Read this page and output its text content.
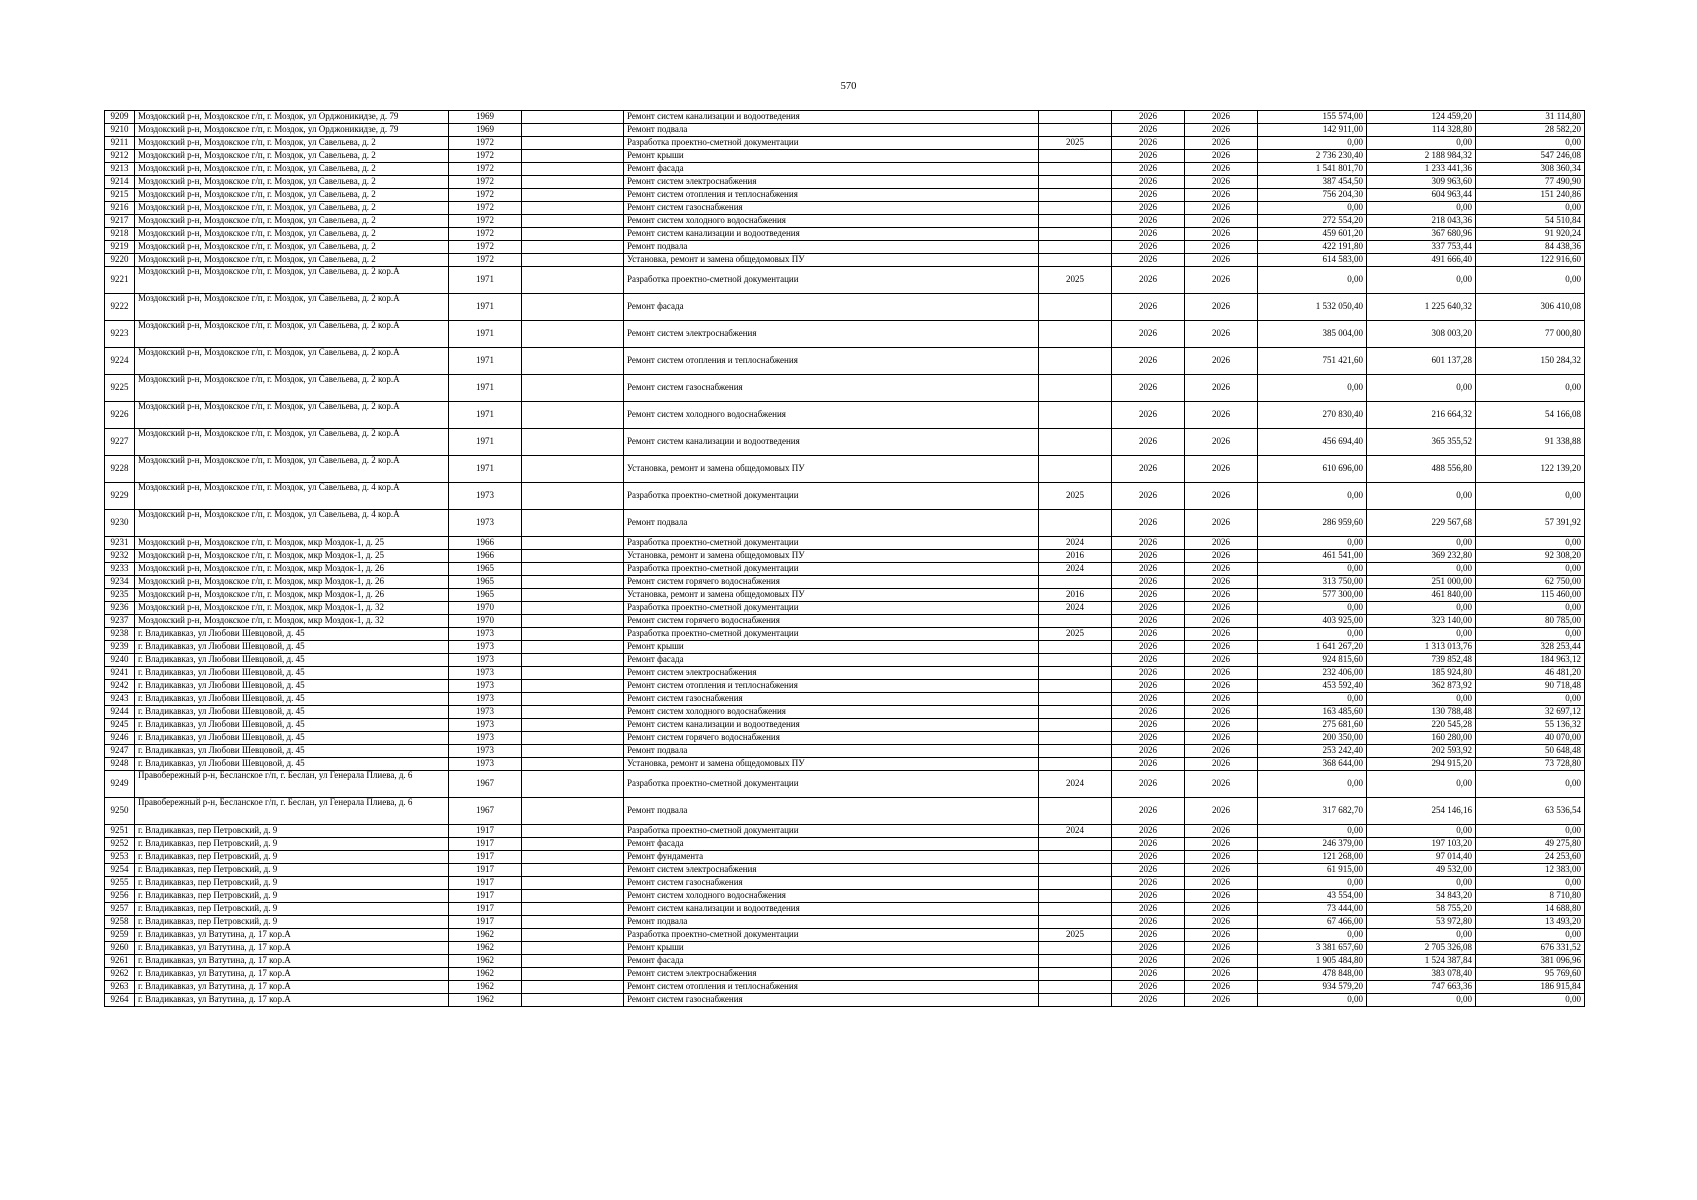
570
9209	Моздокский р-н, Моздокское г/п, г. Моздок, ул Орджоникидзе, д. 79	1969		Ремонт систем канализации и водоотведения		2026	2026	155 574,00	124 459,20	31 114,80
9210	Моздокский р-н, Моздокское г/п, г. Моздок, ул Орджоникидзе, д. 79	1969		Ремонт подвала		2026	2026	142 911,00	114 328,80	28 582,20
9211	Моздокский р-н, Моздокское г/п, г. Моздок, ул Савельева, д. 2	1972		Разработка проектно-сметной документации	2025	2026	2026	0,00	0,00	0,00
9212	Моздокский р-н, Моздокское г/п, г. Моздок, ул Савельева, д. 2	1972		Ремонт крыши		2026	2026	2 736 230,40	2 188 984,32	547 246,08
9213	Моздокский р-н, Моздокское г/п, г. Моздок, ул Савельева, д. 2	1972		Ремонт фасада		2026	2026	1 541 801,70	1 233 441,36	308 360,34
9214	Моздокский р-н, Моздокское г/п, г. Моздок, ул Савельева, д. 2	1972		Ремонт систем электроснабжения		2026	2026	387 454,50	309 963,60	77 490,90
9215	Моздокский р-н, Моздокское г/п, г. Моздок, ул Савельева, д. 2	1972		Ремонт систем отопления и теплоснабжения		2026	2026	756 204,30	604 963,44	151 240,86
9216	Моздокский р-н, Моздокское г/п, г. Моздок, ул Савельева, д. 2	1972		Ремонт систем газоснабжения		2026	2026	0,00	0,00	0,00
9217	Моздокский р-н, Моздокское г/п, г. Моздок, ул Савельева, д. 2	1972		Ремонт систем холодного водоснабжения		2026	2026	272 554,20	218 043,36	54 510,84
9218	Моздокский р-н, Моздокское г/п, г. Моздок, ул Савельева, д. 2	1972		Ремонт систем канализации и водоотведения		2026	2026	459 601,20	367 680,96	91 920,24
9219	Моздокский р-н, Моздокское г/п, г. Моздок, ул Савельева, д. 2	1972		Ремонт подвала		2026	2026	422 191,80	337 753,44	84 438,36
9220	Моздокский р-н, Моздокское г/п, г. Моздок, ул Савельева, д. 2	1972		Установка, ремонт и замена общедомовых ПУ		2026	2026	614 583,00	491 666,40	122 916,60
9221	Моздокский р-н, Моздокское г/п, г. Моздок, ул Савельева, д. 2 кор.А	1971		Разработка проектно-сметной документации	2025	2026	2026	0,00	0,00	0,00
9222	Моздокский р-н, Моздокское г/п, г. Моздок, ул Савельева, д. 2 кор.А	1971		Ремонт фасада		2026	2026	1 532 050,40	1 225 640,32	306 410,08
9223	Моздокский р-н, Моздокское г/п, г. Моздок, ул Савельева, д. 2 кор.А	1971		Ремонт систем электроснабжения		2026	2026	385 004,00	308 003,20	77 000,80
9224	Моздокский р-н, Моздокское г/п, г. Моздок, ул Савельева, д. 2 кор.А	1971		Ремонт систем отопления и теплоснабжения		2026	2026	751 421,60	601 137,28	150 284,32
9225	Моздокский р-н, Моздокское г/п, г. Моздок, ул Савельева, д. 2 кор.А	1971		Ремонт систем газоснабжения		2026	2026	0,00	0,00	0,00
9226	Моздокский р-н, Моздокское г/п, г. Моздок, ул Савельева, д. 2 кор.А	1971		Ремонт систем холодного водоснабжения		2026	2026	270 830,40	216 664,32	54 166,08
9227	Моздокский р-н, Моздокское г/п, г. Моздок, ул Савельева, д. 2 кор.А	1971		Ремонт систем канализации и водоотведения		2026	2026	456 694,40	365 355,52	91 338,88
9228	Моздокский р-н, Моздокское г/п, г. Моздок, ул Савельева, д. 2 кор.А	1971		Установка, ремонт и замена общедомовых ПУ		2026	2026	610 696,00	488 556,80	122 139,20
9229	Моздокский р-н, Моздокское г/п, г. Моздок, ул Савельева, д. 4 кор.А	1973		Разработка проектно-сметной документации	2025	2026	2026	0,00	0,00	0,00
9230	Моздокский р-н, Моздокское г/п, г. Моздок, ул Савельева, д. 4 кор.А	1973		Ремонт подвала		2026	2026	286 959,60	229 567,68	57 391,92
9231	Моздокский р-н, Моздокское г/п, г. Моздок, мкр Моздок-1, д. 25	1966		Разработка проектно-сметной документации	2024	2026	2026	0,00	0,00	0,00
9232	Моздокский р-н, Моздокское г/п, г. Моздок, мкр Моздок-1, д. 25	1966		Установка, ремонт и замена общедомовых ПУ	2016	2026	2026	461 541,00	369 232,80	92 308,20
9233	Моздокский р-н, Моздокское г/п, г. Моздок, мкр Моздок-1, д. 26	1965		Разработка проектно-сметной документации	2024	2026	2026	0,00	0,00	0,00
9234	Моздокский р-н, Моздокское г/п, г. Моздок, мкр Моздок-1, д. 26	1965		Ремонт систем горячего водоснабжения		2026	2026	313 750,00	251 000,00	62 750,00
9235	Моздокский р-н, Моздокское г/п, г. Моздок, мкр Моздок-1, д. 26	1965		Установка, ремонт и замена общедомовых ПУ	2016	2026	2026	577 300,00	461 840,00	115 460,00
9236	Моздокский р-н, Моздокское г/п, г. Моздок, мкр Моздок-1, д. 32	1970		Разработка проектно-сметной документации	2024	2026	2026	0,00	0,00	0,00
9237	Моздокский р-н, Моздокское г/п, г. Моздок, мкр Моздок-1, д. 32	1970		Ремонт систем горячего водоснабжения		2026	2026	403 925,00	323 140,00	80 785,00
9238	г. Владикавказ, ул Любови Шевцовой, д. 45	1973		Разработка проектно-сметной документации	2025	2026	2026	0,00	0,00	0,00
9239	г. Владикавказ, ул Любови Шевцовой, д. 45	1973		Ремонт крыши		2026	2026	1 641 267,20	1 313 013,76	328 253,44
9240	г. Владикавказ, ул Любови Шевцовой, д. 45	1973		Ремонт фасада		2026	2026	924 815,60	739 852,48	184 963,12
9241	г. Владикавказ, ул Любови Шевцовой, д. 45	1973		Ремонт систем электроснабжения		2026	2026	232 406,00	185 924,80	46 481,20
9242	г. Владикавказ, ул Любови Шевцовой, д. 45	1973		Ремонт систем отопления и теплоснабжения		2026	2026	453 592,40	362 873,92	90 718,48
9243	г. Владикавказ, ул Любови Шевцовой, д. 45	1973		Ремонт систем газоснабжения		2026	2026	0,00	0,00	0,00
9244	г. Владикавказ, ул Любови Шевцовой, д. 45	1973		Ремонт систем холодного водоснабжения		2026	2026	163 485,60	130 788,48	32 697,12
9245	г. Владикавказ, ул Любови Шевцовой, д. 45	1973		Ремонт систем канализации и водоотведения		2026	2026	275 681,60	220 545,28	55 136,32
9246	г. Владикавказ, ул Любови Шевцовой, д. 45	1973		Ремонт систем горячего водоснабжения		2026	2026	200 350,00	160 280,00	40 070,00
9247	г. Владикавказ, ул Любови Шевцовой, д. 45	1973		Ремонт подвала		2026	2026	253 242,40	202 593,92	50 648,48
9248	г. Владикавказ, ул Любови Шевцовой, д. 45	1973		Установка, ремонт и замена общедомовых ПУ		2026	2026	368 644,00	294 915,20	73 728,80
9249	Правобережный р-н, Бесланское г/п, г. Беслан, ул Генерала Плиева, д. 6	1967		Разработка проектно-сметной документации	2024	2026	2026	0,00	0,00	0,00
9250	Правобережный р-н, Бесланское г/п, г. Беслан, ул Генерала Плиева, д. 6	1967		Ремонт подвала		2026	2026	317 682,70	254 146,16	63 536,54
9251	г. Владикавказ, пер Петровский, д. 9	1917		Разработка проектно-сметной документации	2024	2026	2026	0,00	0,00	0,00
9252	г. Владикавказ, пер Петровский, д. 9	1917		Ремонт фасада		2026	2026	246 379,00	197 103,20	49 275,80
9253	г. Владикавказ, пер Петровский, д. 9	1917		Ремонт фундамента		2026	2026	121 268,00	97 014,40	24 253,60
9254	г. Владикавказ, пер Петровский, д. 9	1917		Ремонт систем электроснабжения		2026	2026	61 915,00	49 532,00	12 383,00
9255	г. Владикавказ, пер Петровский, д. 9	1917		Ремонт систем газоснабжения		2026	2026	0,00	0,00	0,00
9256	г. Владикавказ, пер Петровский, д. 9	1917		Ремонт систем холодного водоснабжения		2026	2026	43 554,00	34 843,20	8 710,80
9257	г. Владикавказ, пер Петровский, д. 9	1917		Ремонт систем канализации и водоотведения		2026	2026	73 444,00	58 755,20	14 688,80
9258	г. Владикавказ, пер Петровский, д. 9	1917		Ремонт подвала		2026	2026	67 466,00	53 972,80	13 493,20
9259	г. Владикавказ, ул Ватутина, д. 17 кор.А	1962		Разработка проектно-сметной документации	2025	2026	2026	0,00	0,00	0,00
9260	г. Владикавказ, ул Ватутина, д. 17 кор.А	1962		Ремонт крыши		2026	2026	3 381 657,60	2 705 326,08	676 331,52
9261	г. Владикавказ, ул Ватутина, д. 17 кор.А	1962		Ремонт фасада		2026	2026	1 905 484,80	1 524 387,84	381 096,96
9262	г. Владикавказ, ул Ватутина, д. 17 кор.А	1962		Ремонт систем электроснабжения		2026	2026	478 848,00	383 078,40	95 769,60
9263	г. Владикавказ, ул Ватутина, д. 17 кор.А	1962		Ремонт систем отопления и теплоснабжения		2026	2026	934 579,20	747 663,36	186 915,84
9264	г. Владикавказ, ул Ватутина, д. 17 кор.А	1962		Ремонт систем газоснабжения		2026	2026	0,00	0,00	0,00
